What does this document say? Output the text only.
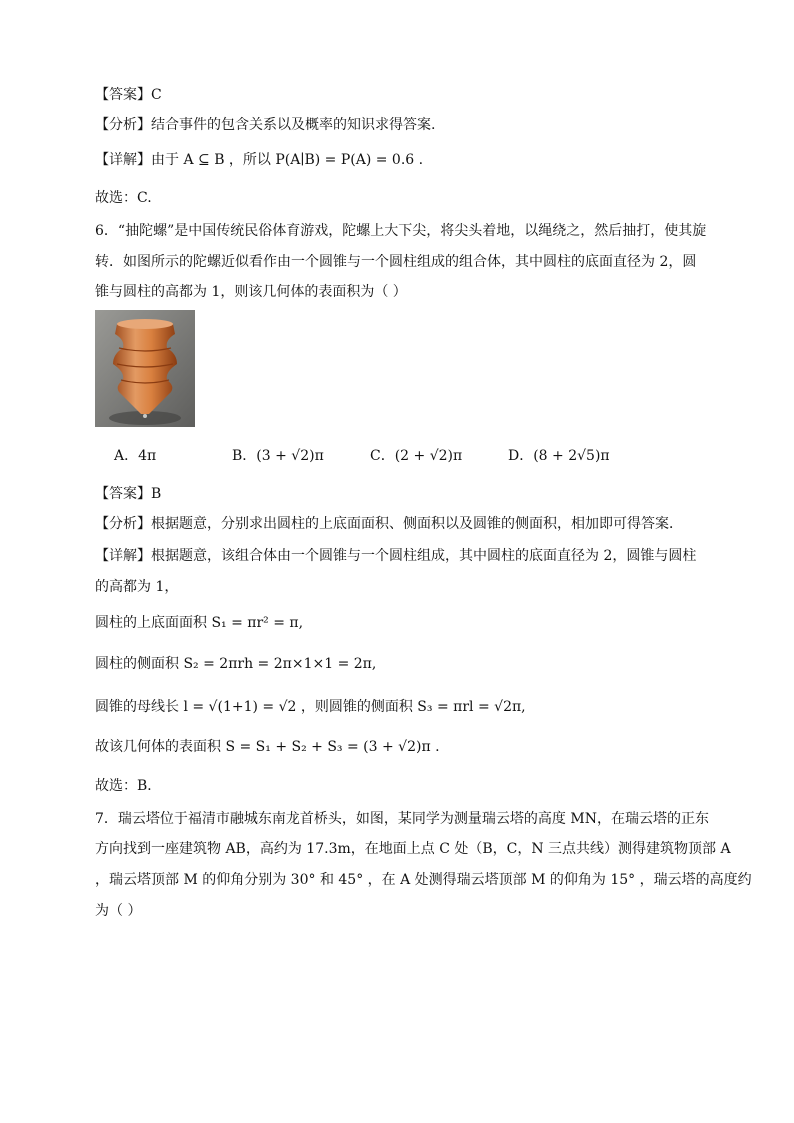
【答案】C

【分析】结合事件的包含关系以及概率的知识求得答案.

【详解】由于 A ⊆ B ，所以 P(A∣B) = P(A) = 0.6 .

故选：C.

6．“抽陀螺”是中国传统民俗体育游戏，陀螺上大下尖，将尖头着地，以绳绕之，然后抽打，使其旋

转．如图所示的陀螺近似看作由一个圆锥与一个圆柱组成的组合体，其中圆柱的底面直径为 2，圆

锥与圆柱的高都为 1，则该几何体的表面积为（ ）

A．4π	B．(3 + √2)π	C．(2 + √2)π	D．(8 + 2√5)π

【答案】B

【分析】根据题意，分别求出圆柱的上底面面积、侧面积以及圆锥的侧面积，相加即可得答案．

【详解】根据题意，该组合体由一个圆锥与一个圆柱组成，其中圆柱的底面直径为 2，圆锥与圆柱

的高都为 1，

圆柱的上底面面积 S₁ = πr² = π,

圆柱的侧面积 S₂ = 2πrh = 2π×1×1 = 2π,

圆锥的母线长 l = √(1+1) = √2 ，则圆锥的侧面积 S₃ = πrl = √2π,

故该几何体的表面积 S = S₁ + S₂ + S₃ = (3 + √2)π .

故选：B．

7．瑞云塔位于福清市融城东南龙首桥头，如图，某同学为测量瑞云塔的高度 MN，在瑞云塔的正东

方向找到一座建筑物 AB，高约为 17.3m，在地面上点 C 处（B，C，N 三点共线）测得建筑物顶部 A

，瑞云塔顶部 M 的仰角分别为 30° 和 45° ，在 A 处测得瑞云塔顶部 M 的仰角为 15° ，瑞云塔的高度约

为（ ）
